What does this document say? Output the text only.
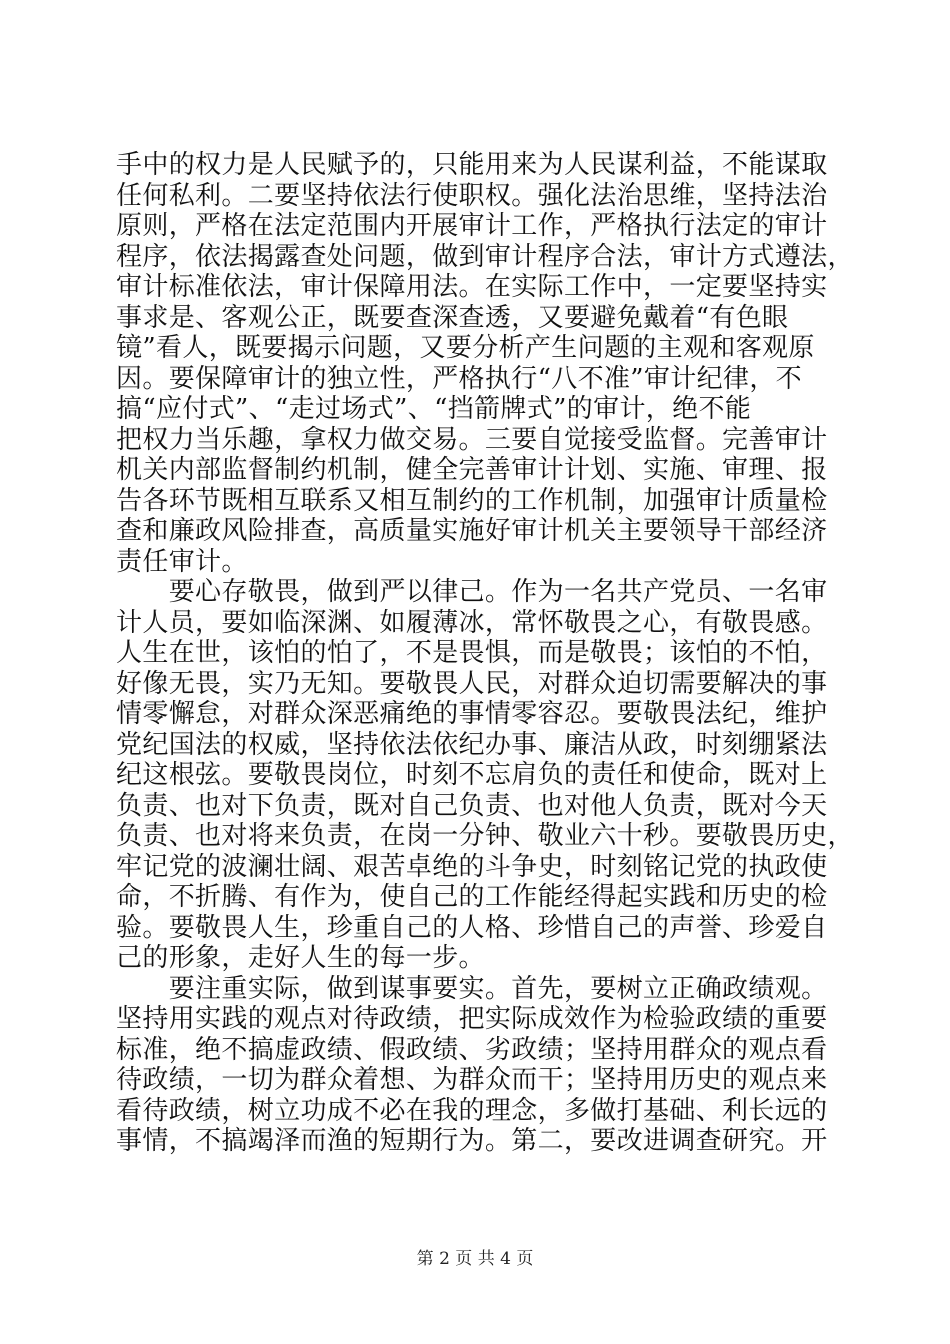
手中的权力是人民赋予的，只能用来为人民谋利益，不能谋取
任何私利。二要坚持依法行使职权。强化法治思维，坚持法治
原则，严格在法定范围内开展审计工作，严格执行法定的审计
程序，依法揭露查处问题，做到审计程序合法，审计方式遵法，
审计标准依法，审计保障用法。在实际工作中，一定要坚持实
事求是、客观公正，既要查深查透，又要避免戴着“有色眼
镜”看人，既要揭示问题，又要分析产生问题的主观和客观原
因。要保障审计的独立性，严格执行“八不准”审计纪律，不
搞“应付式”、“走过场式”、“挡箭牌式”的审计，绝不能
把权力当乐趣，拿权力做交易。三要自觉接受监督。完善审计
机关内部监督制约机制，健全完善审计计划、实施、审理、报
告各环节既相互联系又相互制约的工作机制，加强审计质量检
查和廉政风险排查，高质量实施好审计机关主要领导干部经济
责任审计。
　　要心存敬畏，做到严以律己。作为一名共产党员、一名审
计人员，要如临深渊、如履薄冰，常怀敬畏之心，有敬畏感。
人生在世，该怕的怕了，不是畏惧，而是敬畏；该怕的不怕，
好像无畏，实乃无知。要敬畏人民，对群众迫切需要解决的事
情零懈怠，对群众深恶痛绝的事情零容忍。要敬畏法纪，维护
党纪国法的权威，坚持依法依纪办事、廉洁从政，时刻绷紧法
纪这根弦。要敬畏岗位，时刻不忘肩负的责任和使命，既对上
负责、也对下负责，既对自己负责、也对他人负责，既对今天
负责、也对将来负责，在岗一分钟、敬业六十秒。要敬畏历史，
牢记党的波澜壮阔、艰苦卓绝的斗争史，时刻铭记党的执政使
命，不折腾、有作为，使自己的工作能经得起实践和历史的检
验。要敬畏人生，珍重自己的人格、珍惜自己的声誉、珍爱自
己的形象，走好人生的每一步。
　　要注重实际，做到谋事要实。首先，要树立正确政绩观。
坚持用实践的观点对待政绩，把实际成效作为检验政绩的重要
标准，绝不搞虚政绩、假政绩、劣政绩；坚持用群众的观点看
待政绩，一切为群众着想、为群众而干；坚持用历史的观点来
看待政绩，树立功成不必在我的理念，多做打基础、利长远的
事情，不搞竭泽而渔的短期行为。第二，要改进调查研究。开
第 2 页 共 4 页
